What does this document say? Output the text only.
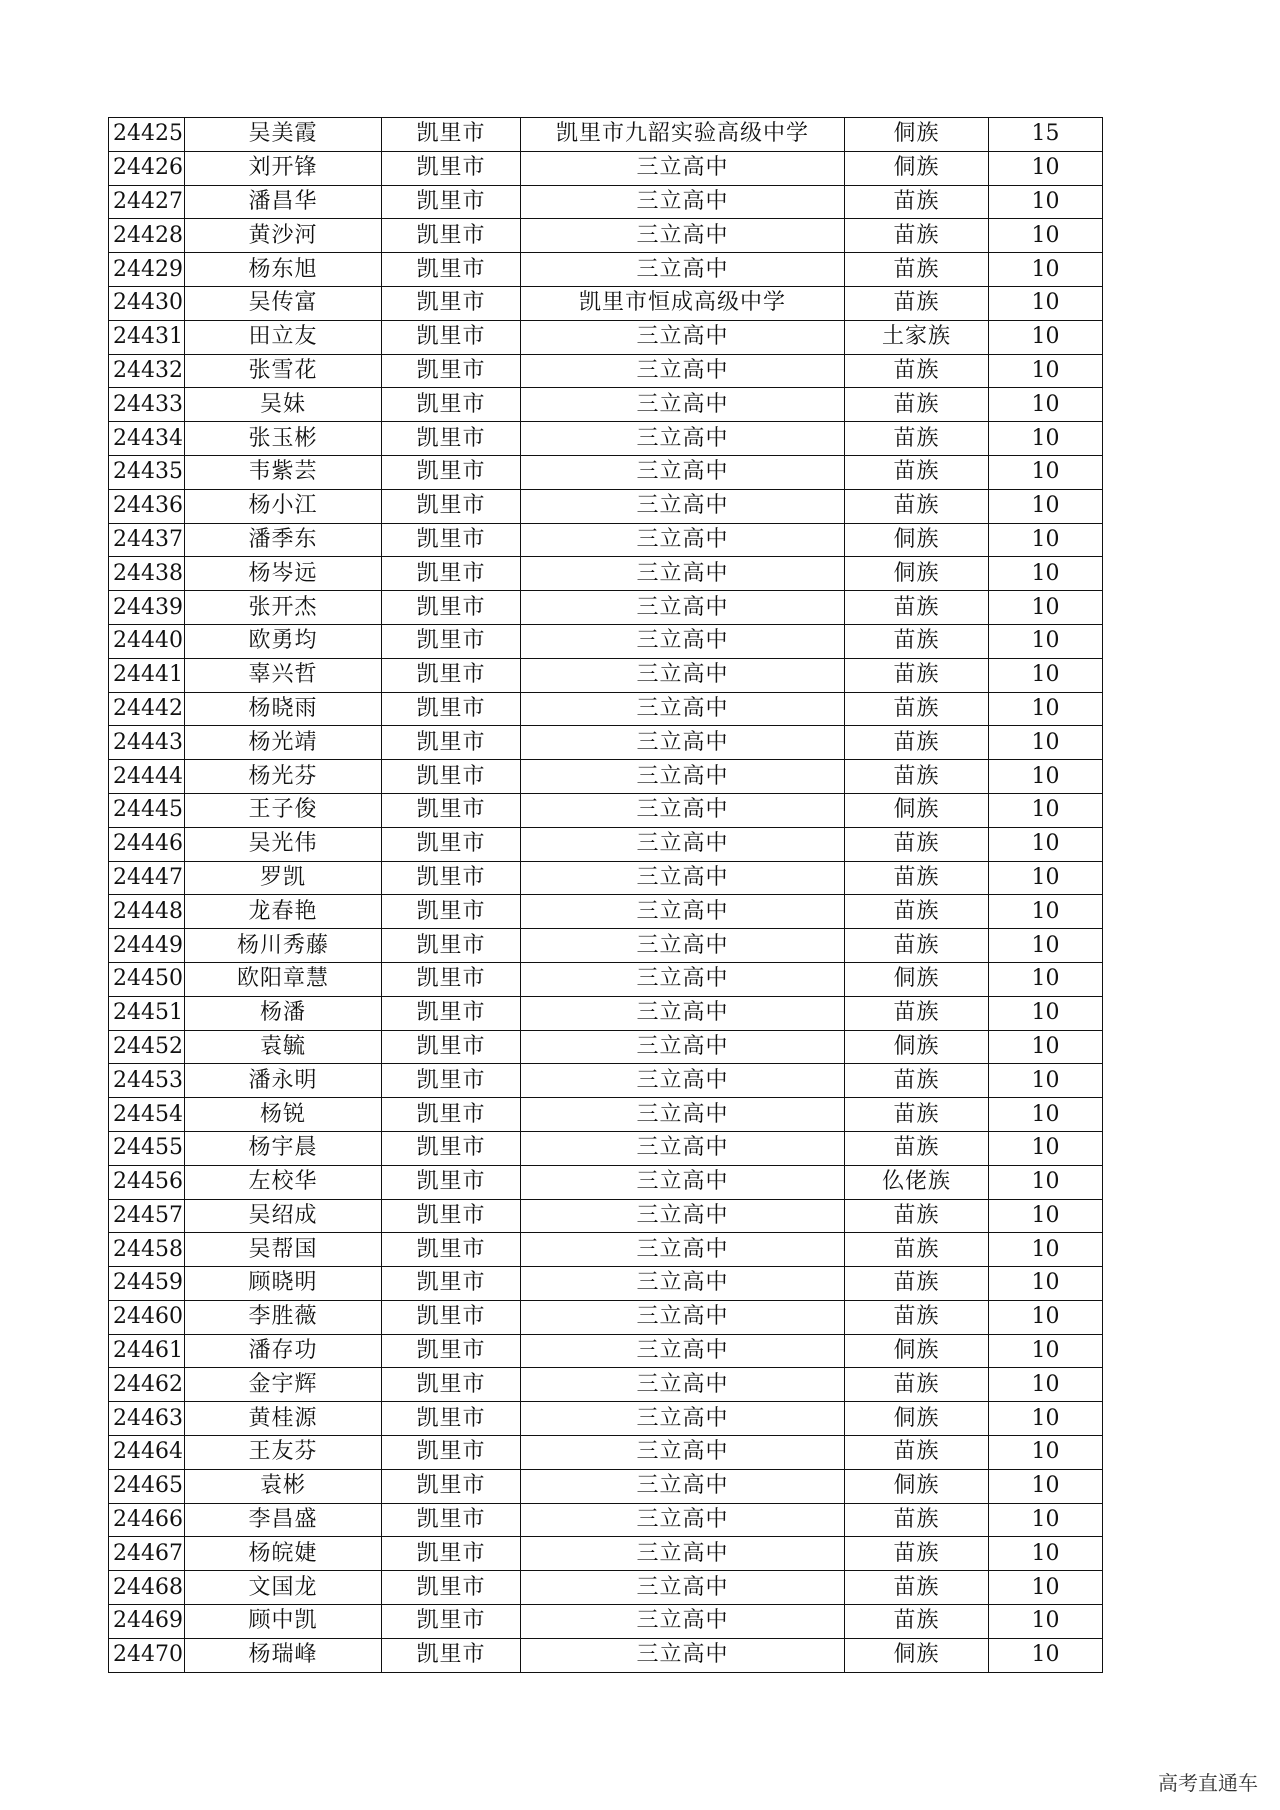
24425	吴美霞	凯里市	凯里市九韶实验高级中学	侗族	15
24426	刘开锋	凯里市	三立高中	侗族	10
24427	潘昌华	凯里市	三立高中	苗族	10
24428	黄沙河	凯里市	三立高中	苗族	10
24429	杨东旭	凯里市	三立高中	苗族	10
24430	吴传富	凯里市	凯里市恒成高级中学	苗族	10
24431	田立友	凯里市	三立高中	土家族	10
24432	张雪花	凯里市	三立高中	苗族	10
24433	吴妹	凯里市	三立高中	苗族	10
24434	张玉彬	凯里市	三立高中	苗族	10
24435	韦紫芸	凯里市	三立高中	苗族	10
24436	杨小江	凯里市	三立高中	苗族	10
24437	潘季东	凯里市	三立高中	侗族	10
24438	杨岑远	凯里市	三立高中	侗族	10
24439	张开杰	凯里市	三立高中	苗族	10
24440	欧勇均	凯里市	三立高中	苗族	10
24441	辜兴哲	凯里市	三立高中	苗族	10
24442	杨晓雨	凯里市	三立高中	苗族	10
24443	杨光靖	凯里市	三立高中	苗族	10
24444	杨光芬	凯里市	三立高中	苗族	10
24445	王子俊	凯里市	三立高中	侗族	10
24446	吴光伟	凯里市	三立高中	苗族	10
24447	罗凯	凯里市	三立高中	苗族	10
24448	龙春艳	凯里市	三立高中	苗族	10
24449	杨川秀藤	凯里市	三立高中	苗族	10
24450	欧阳章慧	凯里市	三立高中	侗族	10
24451	杨潘	凯里市	三立高中	苗族	10
24452	袁毓	凯里市	三立高中	侗族	10
24453	潘永明	凯里市	三立高中	苗族	10
24454	杨锐	凯里市	三立高中	苗族	10
24455	杨宇晨	凯里市	三立高中	苗族	10
24456	左校华	凯里市	三立高中	仫佬族	10
24457	吴绍成	凯里市	三立高中	苗族	10
24458	吴帮国	凯里市	三立高中	苗族	10
24459	顾晓明	凯里市	三立高中	苗族	10
24460	李胜薇	凯里市	三立高中	苗族	10
24461	潘存功	凯里市	三立高中	侗族	10
24462	金宇辉	凯里市	三立高中	苗族	10
24463	黄桂源	凯里市	三立高中	侗族	10
24464	王友芬	凯里市	三立高中	苗族	10
24465	袁彬	凯里市	三立高中	侗族	10
24466	李昌盛	凯里市	三立高中	苗族	10
24467	杨皖婕	凯里市	三立高中	苗族	10
24468	文国龙	凯里市	三立高中	苗族	10
24469	顾中凯	凯里市	三立高中	苗族	10
24470	杨瑞峰	凯里市	三立高中	侗族	10
高考直通车
